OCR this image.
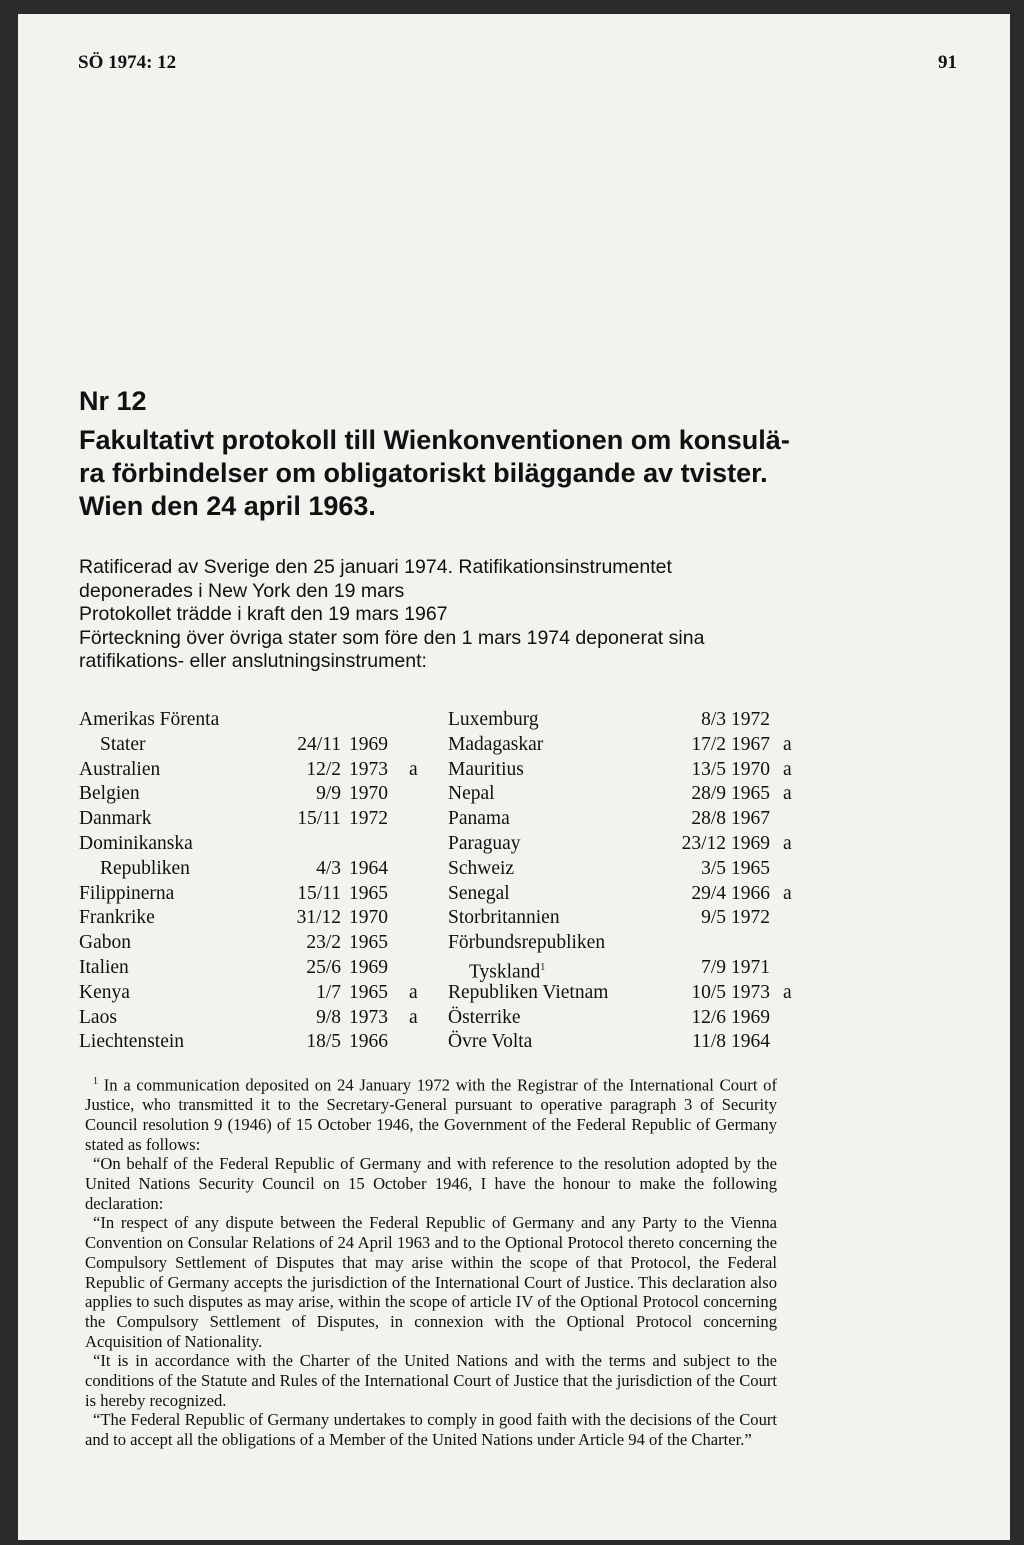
SÖ 1974: 12	91
Nr 12
Fakultativt protokoll till Wienkonventionen om konsulä-
ra förbindelser om obligatoriskt biläggande av tvister.
Wien den 24 april 1963.
Ratificerad av Sverige den 25 januari 1974. Ratifikationsinstrumentet
deponerades i New York den 19 mars
Protokollet trädde i kraft den 19 mars 1967
Förteckning över övriga stater som före den 1 mars 1974 deponerat sina
ratifikations- eller anslutningsinstrument:
Amerikas Förenta
Stater	24/11 1969
Australien	12/2 1973 a
Belgien	9/9 1970
Danmark	15/11 1972
Dominikanska
Republiken	4/3 1964
Filippinerna	15/11 1965
Frankrike	31/12 1970
Gabon	23/2 1965
Italien	25/6 1969
Kenya	1/7 1965 a
Laos	9/8 1973 a
Liechtenstein	18/5 1966
Luxemburg	8/3 1972
Madagaskar	17/2 1967 a
Mauritius	13/5 1970 a
Nepal	28/9 1965 a
Panama	28/8 1967
Paraguay	23/12 1969 a
Schweiz	3/5 1965
Senegal	29/4 1966 a
Storbritannien	9/5 1972
Förbundsrepubliken
Tyskland$^1$	7/9 1971
Republiken Vietnam	10/5 1973 a
Österrike	12/6 1969
Övre Volta	11/8 1964

$^1$ In a communication deposited on 24 January 1972 with the Registrar of the International Court of Justice, who transmitted it to the Secretary-General pursuant to operative paragraph 3 of Security Council resolution 9 (1946) of 15 October 1946, the Government of the Federal Republic of Germany stated as follows:

“On behalf of the Federal Republic of Germany and with reference to the resolution adopted by the United Nations Security Council on 15 October 1946, I have the honour to make the following declaration:

“In respect of any dispute between the Federal Republic of Germany and any Party to the Vienna Convention on Consular Relations of 24 April 1963 and to the Optional Protocol thereto concerning the Compulsory Settlement of Disputes that may arise within the scope of that Protocol, the Federal Republic of Germany accepts the jurisdiction of the International Court of Justice. This declaration also applies to such disputes as may arise, within the scope of article IV of the Optional Protocol concerning the Compulsory Settlement of Disputes, in connexion with the Optional Protocol concerning Acquisition of Nationality.

“It is in accordance with the Charter of the United Nations and with the terms and subject to the conditions of the Statute and Rules of the International Court of Justice that the jurisdiction of the Court is hereby recognized.

“The Federal Republic of Germany undertakes to comply in good faith with the decisions of the Court and to accept all the obligations of a Member of the United Nations under Article 94 of the Charter.”
